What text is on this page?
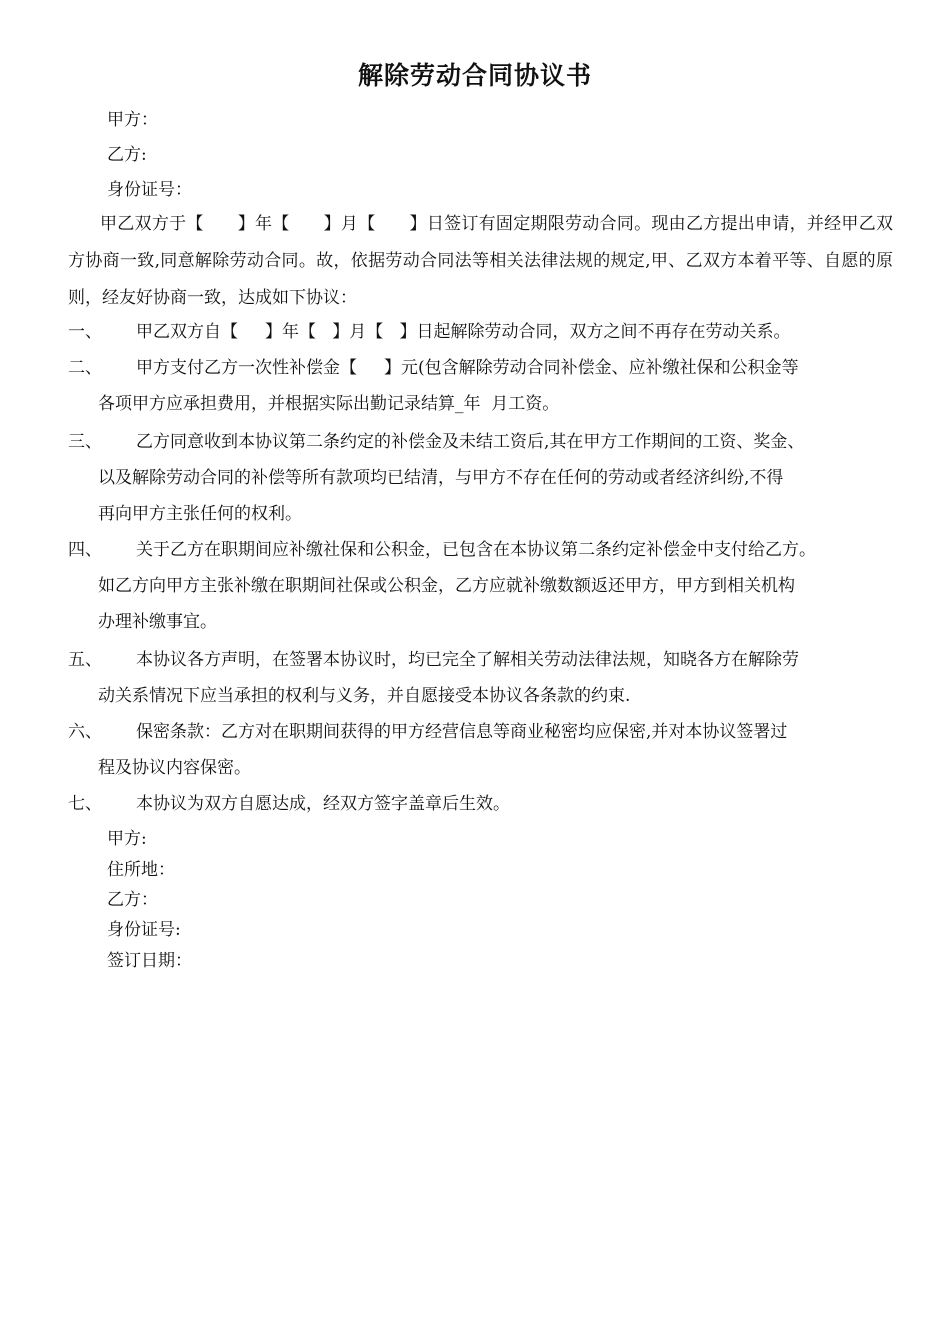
解除劳动合同协议书
甲方：
乙方:
身份证号：
甲乙双方于【 】年【 】月【 】日签订有固定期限劳动合同。现由乙方提出申请，并经甲乙双方协商一致,同意解除劳动合同。故，依据劳动合同法等相关法律法规的规定,甲、乙双方本着平等、自愿的原则，经友好协商一致，达成如下协议：
一、 甲乙双方自【     】年【   】月【   】日起解除劳动合同，双方之间不再存在劳动关系。
二、 甲方支付乙方一次性补偿金【     】元(包含解除劳动合同补偿金、应补缴社保和公积金等
各项甲方应承担费用，并根据实际出勤记录结算_年  月工资。
三、 乙方同意收到本协议第二条约定的补偿金及未结工资后,其在甲方工作期间的工资、奖金、
以及解除劳动合同的补偿等所有款项均已结清，与甲方不存在任何的劳动或者经济纠纷,不得
再向甲方主张任何的权利。
四、 关于乙方在职期间应补缴社保和公积金，已包含在本协议第二条约定补偿金中支付给乙方。
如乙方向甲方主张补缴在职期间社保或公积金，乙方应就补缴数额返还甲方，甲方到相关机构
办理补缴事宜。
五、 本协议各方声明，在签署本协议时，均已完全了解相关劳动法律法规，知晓各方在解除劳
动关系情况下应当承担的权利与义务，并自愿接受本协议各条款的约束.
六、 保密条款：乙方对在职期间获得的甲方经营信息等商业秘密均应保密,并对本协议签署过
程及协议内容保密。
七、 本协议为双方自愿达成，经双方签字盖章后生效。
甲方:
住所地：
乙方：
身份证号:
签订日期：
